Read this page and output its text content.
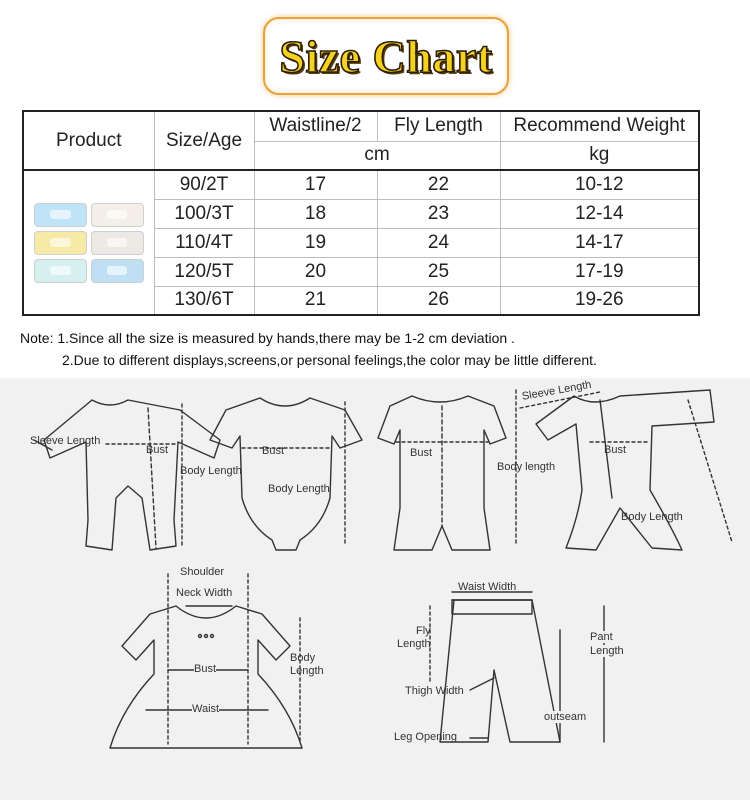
Size Chart
Product	Size/Age	Waistline/2	Fly Length	Recommend Weight
		cm		kg

	90/2T	17	22	10-12
	100/3T	18	23	12-14
	110/4T	19	24	14-17
	120/5T	20	25	17-19
	130/6T	21	26	19-26
Note: 1.Since all the size is measured by hands,there may be 1-2 cm deviation .
2.Due to different displays,screens,or personal feelings,the color may be little different.
Sleeve Length
Bust
Body Length
Bust
Body Length
Bust
Body length
Sleeve Length
Bust
Body Length
Shoulder
Neck Width
Bust
Waist
Body
Length
Waist Width
Fly
Length
Pant
Length
Thigh Width
outseam
Leg Opening
